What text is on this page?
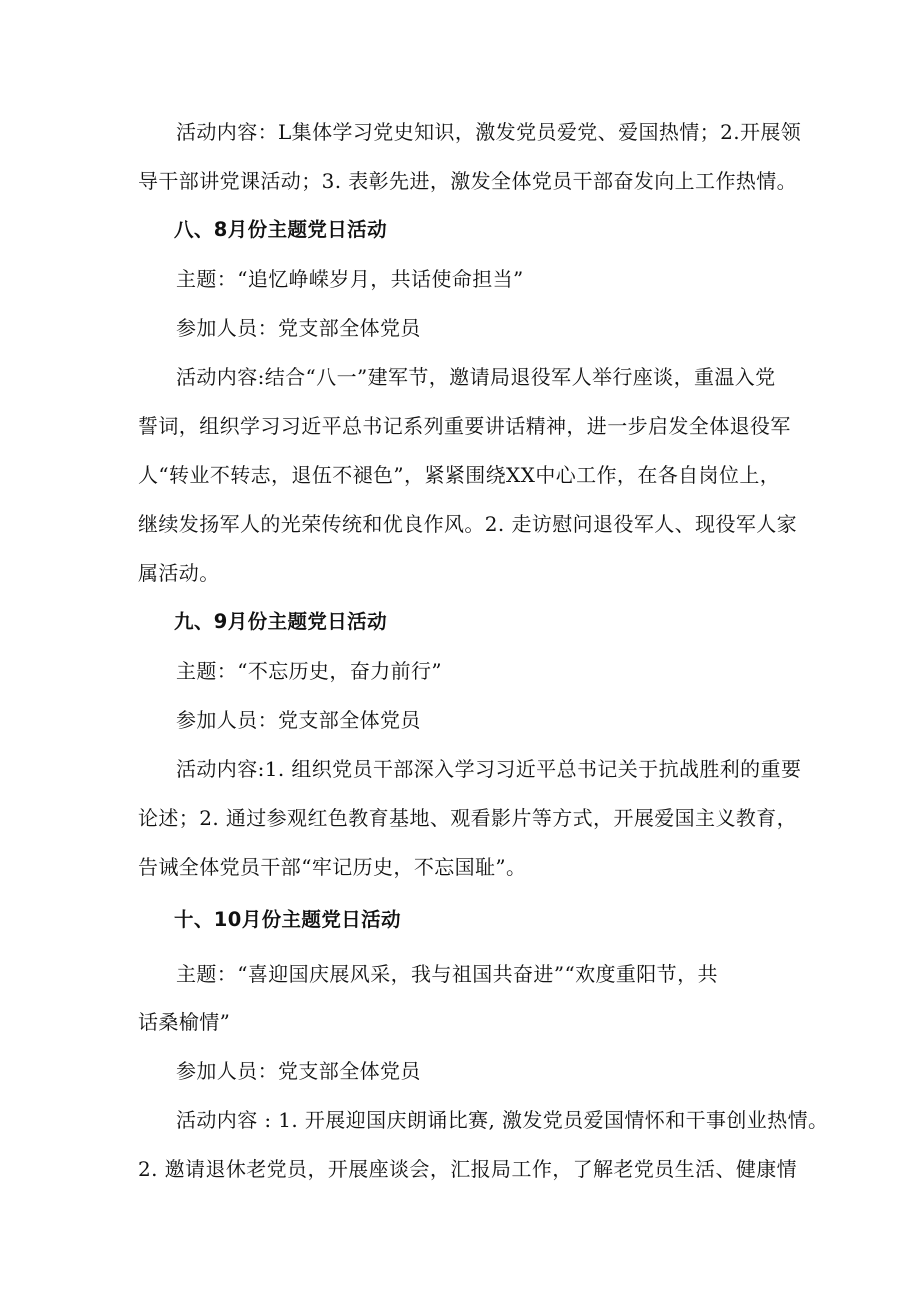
活动内容：L集体学习党史知识，激发党员爱党、爱国热情；2.开展领

导干部讲党课活动；3. 表彰先进，激发全体党员干部奋发向上工作热情。

八、8月份主题党日活动

主题：“追忆峥嵘岁月，共话使命担当”

参加人员：党支部全体党员

活动内容:结合“八一”建军节，邀请局退役军人举行座谈，重温入党

誓词，组织学习习近平总书记系列重要讲话精神，进一步启发全体退役军

人“转业不转志，退伍不褪色”，紧紧围绕XX中心工作，在各自岗位上，

继续发扬军人的光荣传统和优良作风。2. 走访慰问退役军人、现役军人家

属活动。

九、9月份主题党日活动

主题：“不忘历史，奋力前行”

参加人员：党支部全体党员

活动内容:1. 组织党员干部深入学习习近平总书记关于抗战胜利的重要

论述；2. 通过参观红色教育基地、观看影片等方式，开展爱国主义教育，

告诫全体党员干部“牢记历史，不忘国耻”。

十、10月份主题党日活动

主题：“喜迎国庆展风采，我与祖国共奋进”“欢度重阳节，共

话桑榆情”

参加人员：党支部全体党员

活动内容 : 1. 开展迎国庆朗诵比赛, 激发党员爱国情怀和干事创业热情。

2. 邀请退休老党员，开展座谈会，汇报局工作，了解老党员生活、健康情
